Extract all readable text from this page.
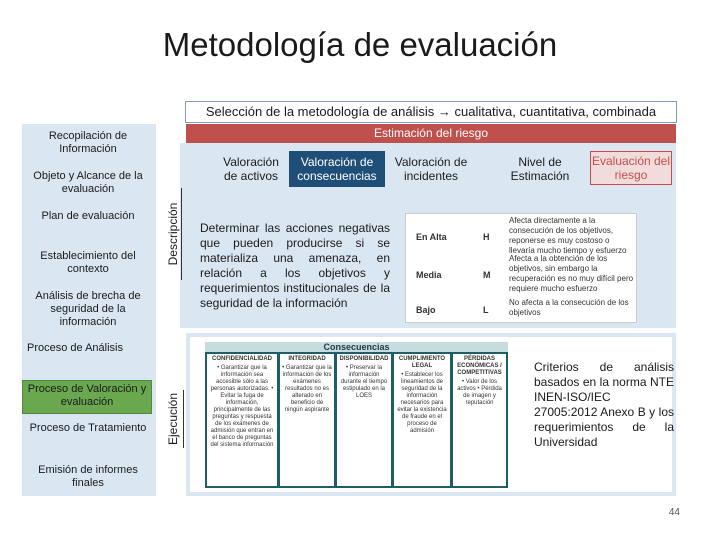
Metodología de evaluación
Selección de la metodología de análisis → cualitativa, cuantitativa, combinada
Recopilación de Información
Objeto y Alcance de la evaluación
Plan de evaluación
Establecimiento del contexto
Análisis de brecha de seguridad de la información
Proceso de Análisis
Proceso de Valoración y evaluación
Proceso de Tratamiento
Emisión de informes finales
Descripción
Ejecución
Estimación del riesgo
Valoración de activos
Valoración de consecuencias
Valoración de incidentes
Nivel de Estimación
Evaluación del riesgo
Determinar las acciones negativas que pueden producirse si se materializa una amenaza, en relación a los objetivos y requerimientos institucionales de la seguridad de la información
En Alta	H
Afecta directamente a la consecución de los objetivos, reponerse es muy costoso o llevaría mucho tiempo y esfuerzo
Media	M
Afecta a la obtención de los objetivos, sin embargo la recuperación es no muy difícil pero requiere mucho esfuerzo
Bajo	L
No afecta a la consecución de los objetivos
Consecuencias
CONFIDENCIALIDAD
• Garantizar que la información sea accesible sólo a las personas autorizadas. • Evitar la fuga de información, principalmente de las preguntas y respuesta de los exámenes de admisión que entran en el banco de preguntas del sistema información
INTEGRIDAD
• Garantizar que la información de los exámenes resultados no es alterado en beneficio de ningún aspirante
DISPONIBILIDAD
• Preservar la información durante el tiempo estipulado en la LOES
CUMPLIMIENTO LEGAL
• Establecer los lineamientos de seguridad de la información necesarios para evitar la existencia de fraude en el proceso de admisión
PÉRDIDAS ECONÓMICAS / COMPETITIVAS
• Valor de los activos • Pérdida de imagen y reputación
Criterios de análisis basados en la norma NTE INEN-ISO/IEC 27005:2012 Anexo B y los requerimientos de la Universidad
44
